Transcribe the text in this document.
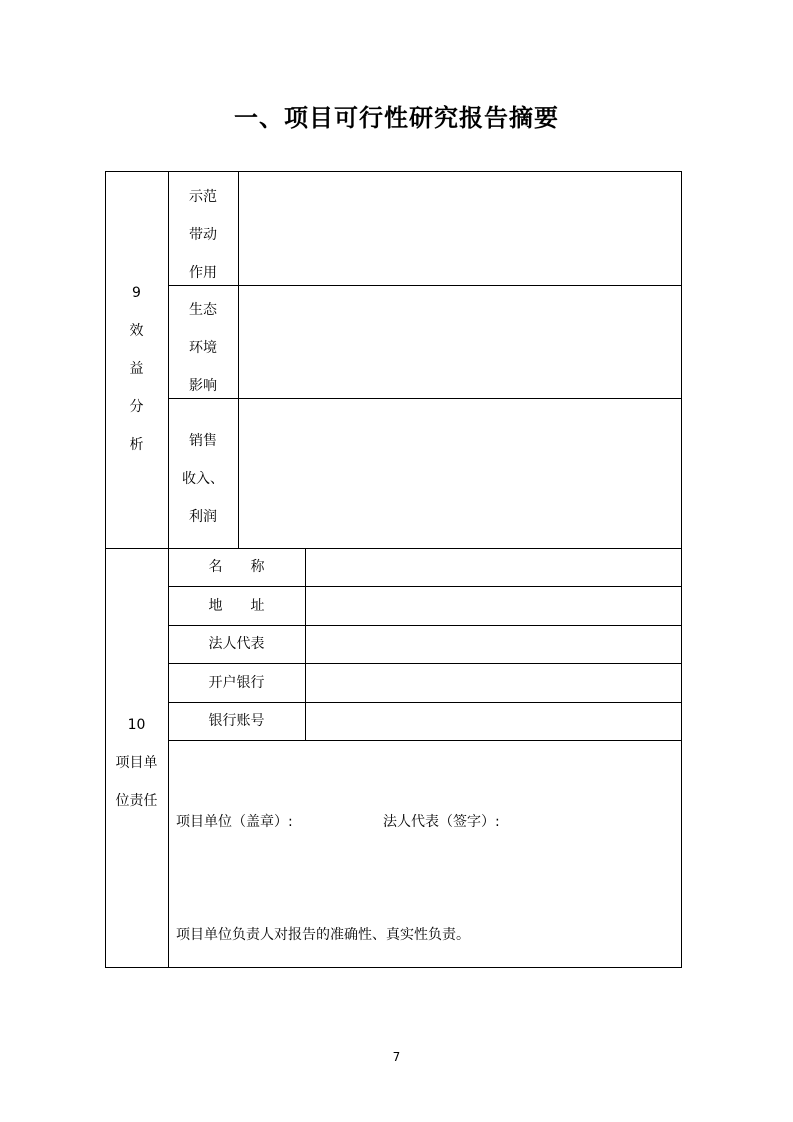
一、项目可行性研究报告摘要
9
效
益
分
析
示范
带动
作用
生态
环境
影响
销售
收入、
利润
10
项目单
位责任
名　　称
地　　址
法人代表
开户银行
银行账号
项目单位（盖章）:	法人代表（签字）:
项目单位负责人对报告的准确性、真实性负责。
7
